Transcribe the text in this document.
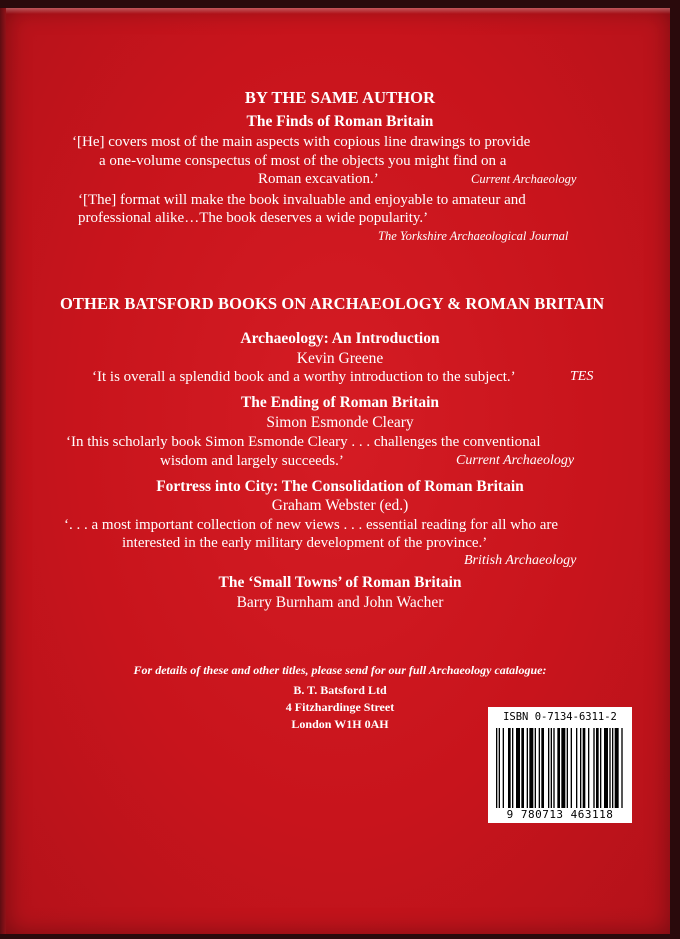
BY THE SAME AUTHOR
The Finds of Roman Britain
‘[He] covers most of the main aspects with copious line drawings to provide
a one-volume conspectus of most of the objects you might find on a
Roman excavation.’	Current Archaeology
‘[The] format will make the book invaluable and enjoyable to amateur and
professional alike…The book deserves a wide popularity.’
The Yorkshire Archaeological Journal
OTHER BATSFORD BOOKS ON ARCHAEOLOGY & ROMAN BRITAIN
Archaeology: An Introduction
Kevin Greene
‘It is overall a splendid book and a worthy introduction to the subject.’	TES
The Ending of Roman Britain
Simon Esmonde Cleary
‘In this scholarly book Simon Esmonde Cleary . . . challenges the conventional
wisdom and largely succeeds.’	Current Archaeology
Fortress into City: The Consolidation of Roman Britain
Graham Webster (ed.)
‘. . . a most important collection of new views . . . essential reading for all who are
interested in the early military development of the province.’
British Archaeology
The ‘Small Towns’ of Roman Britain
Barry Burnham and John Wacher
For details of these and other titles, please send for our full Archaeology catalogue:
B. T. Batsford Ltd
4 Fitzhardinge Street
London W1H 0AH	ISBN 0-7134-6311-2
9 780713 463118
